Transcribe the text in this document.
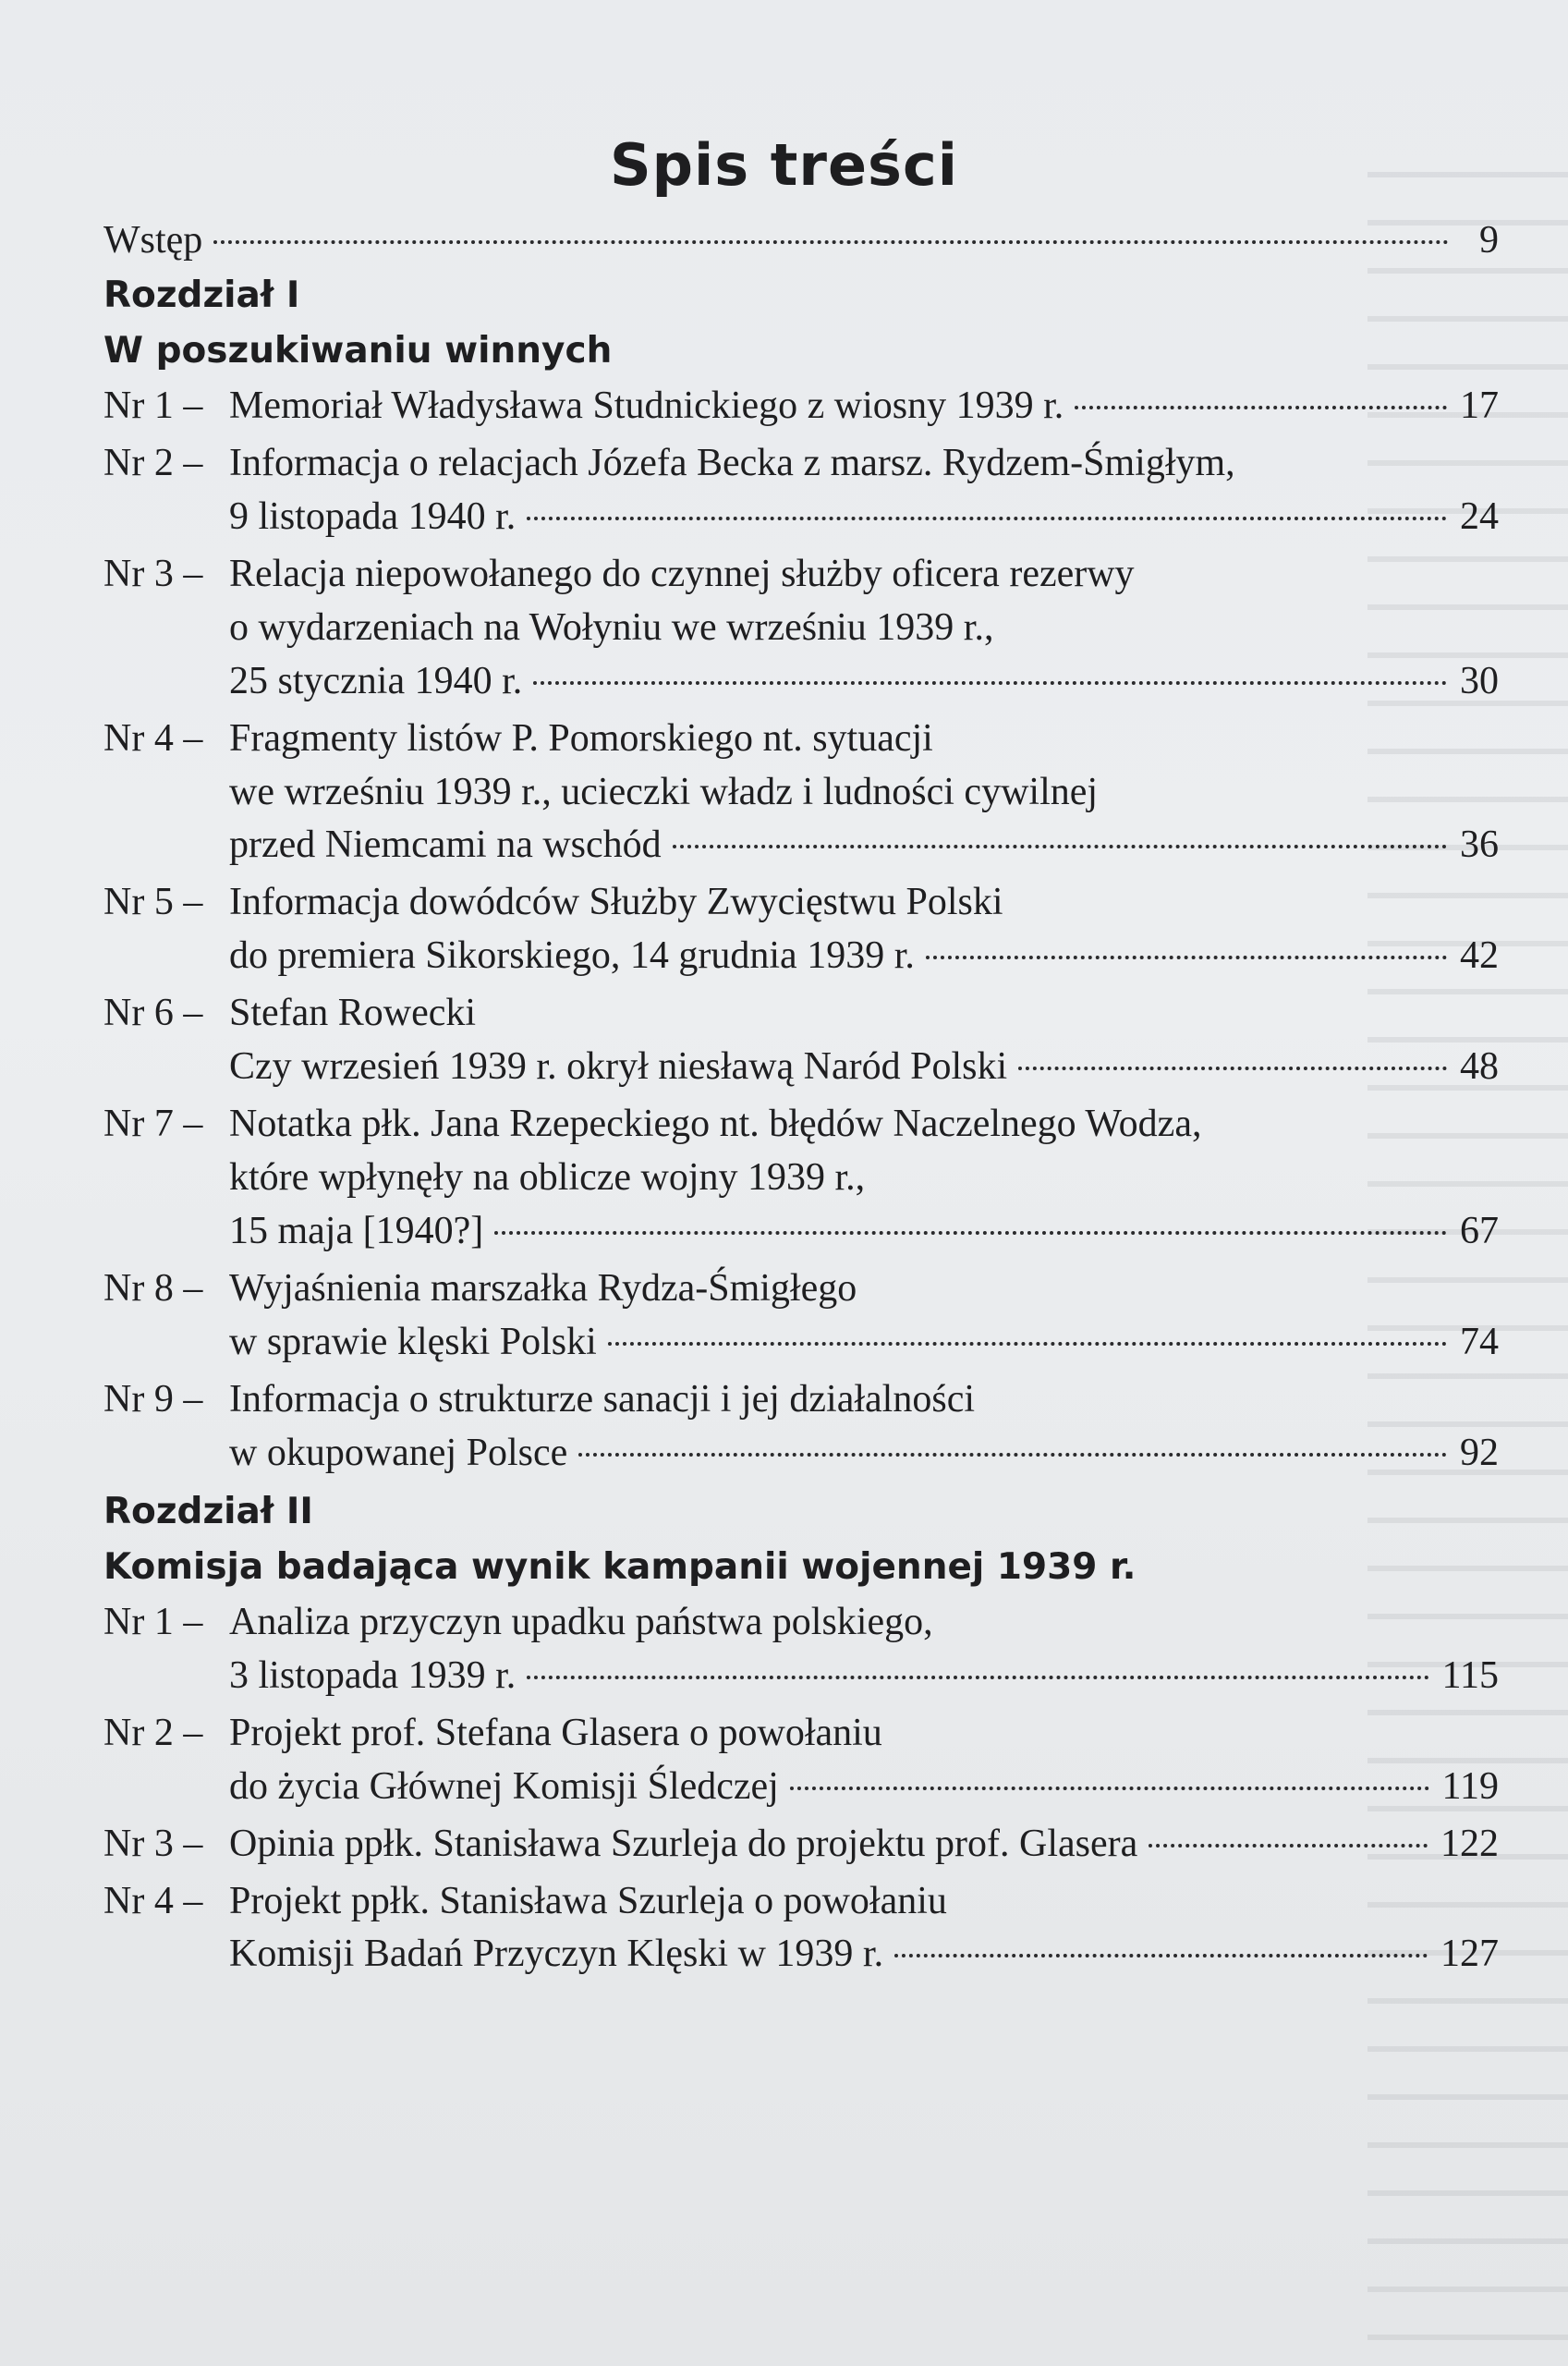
Spis treści
Wstęp	9
Rozdział I
W poszukiwaniu winnych
Nr 1 – Memoriał Władysława Studnickiego z wiosny 1939 r.	17
Nr 2 – Informacja o relacjach Józefa Becka z marsz. Rydzem-Śmigłym,
9 listopada 1940 r.	24
Nr 3 – Relacja niepowołanego do czynnej służby oficera rezerwy
o wydarzeniach na Wołyniu we wrześniu 1939 r.,
25 stycznia 1940 r.	30
Nr 4 – Fragmenty listów P. Pomorskiego nt. sytuacji
we wrześniu 1939 r., ucieczki władz i ludności cywilnej
przed Niemcami na wschód	36
Nr 5 – Informacja dowódców Służby Zwycięstwu Polski
do premiera Sikorskiego, 14 grudnia 1939 r.	42
Nr 6 – Stefan Rowecki
Czy wrzesień 1939 r. okrył niesławą Naród Polski	48
Nr 7 – Notatka płk. Jana Rzepeckiego nt. błędów Naczelnego Wodza,
które wpłynęły na oblicze wojny 1939 r.,
15 maja [1940?]	67
Nr 8 – Wyjaśnienia marszałka Rydza-Śmigłego
w sprawie klęski Polski	74
Nr 9 – Informacja o strukturze sanacji i jej działalności
w okupowanej Polsce	92
Rozdział II
Komisja badająca wynik kampanii wojennej 1939 r.
Nr 1 – Analiza przyczyn upadku państwa polskiego,
3 listopada 1939 r.	115
Nr 2 – Projekt prof. Stefana Glasera o powołaniu
do życia Głównej Komisji Śledczej	119
Nr 3 – Opinia ppłk. Stanisława Szurleja do projektu prof. Glasera	122
Nr 4 – Projekt ppłk. Stanisława Szurleja o powołaniu
Komisji Badań Przyczyn Klęski w 1939 r.	127
